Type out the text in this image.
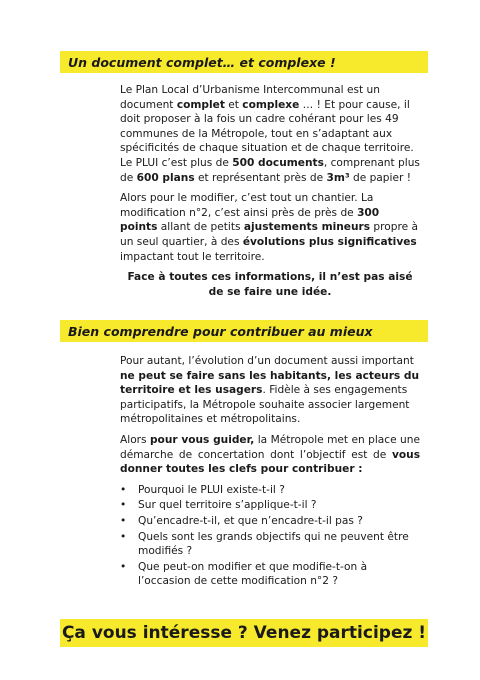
Un document complet… et complexe !

Le Plan Local d’Urbanisme Intercommunal est un document complet et complexe … ! Et pour cause, il doit proposer à la fois un cadre cohérant pour les 49 communes de la Métropole, tout en s’adaptant aux spécificités de chaque situation et de chaque territoire. Le PLUI c’est plus de 500 documents, comprenant plus de 600 plans et représentant près de 3m³ de papier !

Alors pour le modifier, c’est tout un chantier. La modification n°2, c’est ainsi près de près de 300 points allant de petits ajustements mineurs propre à un seul quartier, à des évolutions plus significatives impactant tout le territoire.

Face à toutes ces informations, il n’est pas aisé de se faire une idée.

Bien comprendre pour contribuer au mieux

Pour autant, l’évolution d’un document aussi important ne peut se faire sans les habitants, les acteurs du territoire et les usagers. Fidèle à ses engagements participatifs, la Métropole souhaite associer largement métropolitaines et métropolitains.

Alors pour vous guider, la Métropole met en place une démarche de concertation dont l’objectif est de vous donner toutes les clefs pour contribuer :

• Pourquoi le PLUI existe-t-il ?
• Sur quel territoire s’applique-t-il ?
• Qu’encadre-t-il, et que n’encadre-t-il pas ?
• Quels sont les grands objectifs qui ne peuvent être modifiés ?
• Que peut-on modifier et que modifie-t-on à l’occasion de cette modification n°2 ?
Ça vous intéresse ? Venez participez !
